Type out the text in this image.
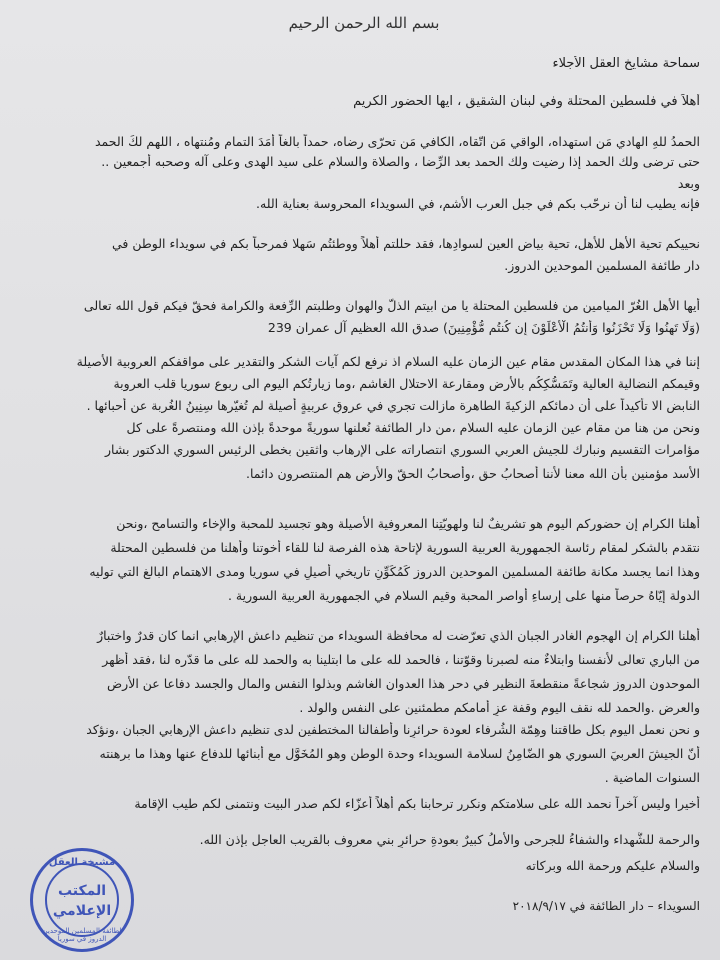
بسم الله الرحمن الرحيم
سماحة مشايخ العقل الأجلاء
أهلاً في فلسطين المحتلة وفي لبنان الشقيق ، ايها الحضور الكريم
الحمدُ للهِ الهادي مَن استهداه، الواقي مَن اتّقاه، الكافي مَن تحرّى رضاه، حمداً بالغاً أمَدَ التمام ومُنتهاه ، اللهم لكَ الحمد
حتى ترضى ولك الحمد إذا رضيت ولك الحمد بعد الرِّضا ، والصلاة والسلام على سيد الهدى وعلى آله وصحبه أجمعين ..
وبعد
فإنه يطيب لنا أن نرحّب بكم في جبل العرب الأشم، في السويداء المحروسة بعناية الله.
نحييكم تحية الأهل للأهل، تحية بياض العين لسوادِها، فقد حللتم أهلاً ووطئتُم سَهلا فمرحباً بكم في سويداء الوطن في
دار طائفة المسلمين الموحدين الدروز.
أيها الأهل الغُرّ الميامين من فلسطين المحتلة يا من ابيتم الذلّ والهوان وطلبتم الرِّفعة والكرامة فحقّ فيكم قول الله تعالى
(وَلَا تَهِنُوا وَلَا تَحْزَنُوا وَأَنتُمُ الْأَعْلَوْنَ إِن كُنتُم مُّؤْمِنِينَ) صدق الله العظيم آل عمران 239
إننا في هذا المكان المقدس مقام عين الزمان عليه السلام اذ نرفع لكم آيات الشكر والتقدير على مواقفكم العروبية الأصيلة
وقيمكم النضالية العالية وتَمَسُّكِكُم بالأرض ومقارعة الاحتلال الغاشم ،وما زيارتُكم اليوم الى ربوع سوريا قلب العروبة
النابض الا تأكيداً على أن دمائكم الزكيةَ الطاهرة مازالت تجري في عروقٍ عربيةٍ أصيلة لم تُغيّرها سِنِينُ الغُربة عن أحبائها .
ونحن من هنا من مقام عين الزمان عليه السلام ،من دار الطائفة نُعلنها سوريةً موحدةً بإذن الله ومنتصرةً على كل
مؤامرات التقسيم ونبارك للجيش العربي السوري انتصاراته على الإرهاب واثقين بخطى الرئيس السوري الدكتور بشار
الأسد مؤمنين بأن الله معنا لأننا أصحابُ حق ،وأصحابُ الحقّ والأرضِ هم المنتصرون دائما.
أهلنا الكرام إن حضوركم اليوم هو تشريفٌ لنا ولهويّتِنا المعروفية الأصيلة وهو تجسيد للمحبة والإخاء والتسامح ،ونحن
نتقدم بالشكر لمقام رئاسة الجمهورية العربية السورية لإتاحة هذه الفرصة لنا للقاء أخوتنا وأهلنا من فلسطين المحتلة
وهذا انما يجسد مكانة طائفة المسلمين الموحدين الدروز كَمُكَوِّنٍ تاريخيٍ أصيلٍ في سوريا ومدى الاهتمام البالغ التي توليه
الدولة إيّاهُ حرصاً منها على إرساءِ أواصر المحبة وقيم السلام في الجمهورية العربية السورية .
أهلنا الكرام إن الهجوم الغادر الجبان الذي تعرّضت له محافظة السويداء من تنظيم داعش الإرهابي انما كان قدرٌ واختبارٌ
من الباري تعالى لأنفسنا وابتلاءٌ منه لصبرنا وقوّتنا ، فالحمد لله على ما ابتلينا به والحمد لله على ما قدّره لنا ،فقد أظهر
الموحدون الدروز شجاعةً منقطعةَ النظير في دحر هذا العدوان الغاشم وبذلوا النفس والمال والجسد دفاعا عن الأرض
والعرض .والحمد لله نقف اليوم وقفة عزٍ أمامكم مطمئنين على النفس والولد .
و نحن نعمل اليوم بكل طاقتنا وهِمّة الشُرفاء لعودة حرائرِنا وأطفالنا المختطفين لدى تنظيم داعش الإرهابي الجبان ،ونؤكد
أنّ الجيشَ العربيَ السوري هو الضّامِنُ لسلامة السويداء وحدة الوطن وهو المُخَوَّل مع أبنائها للدفاع عنها وهذا ما برهنته
السنوات الماضية .
أخيرا وليس آخراً نحمد الله على سلامتكم ونكرر ترحابنا بكم أهلاً أعزّاء لكم صدر البيت ونتمنى لكم طيب الإقامة
والرحمة للشُّهداء والشفاءُ للجرحى والأملُ كبيرٌ بعودةِ حرائرِ بني معروف بالقريب العاجل بإذن الله.
والسلام عليكم ورحمة الله وبركاته
السويداء – دار الطائفة في ٢٠١٨/٩/١٧
مشيخة العقل
المكتب
الإعلامي
لطائفة المسلمين الموحدين الدروز في سوريا
